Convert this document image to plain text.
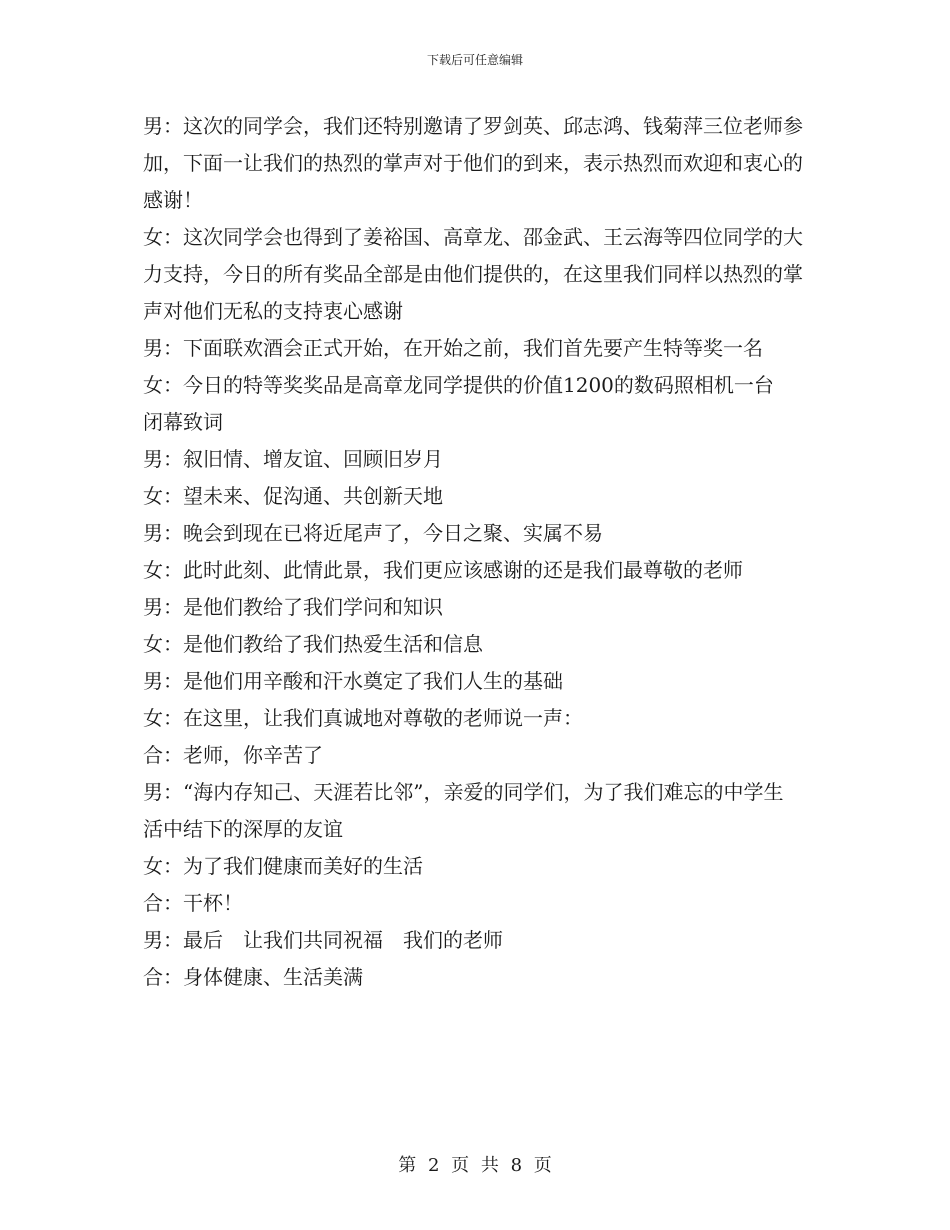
下载后可任意编辑

男：这次的同学会，我们还特别邀请了罗剑英、邱志鸿、钱菊萍三位老师参加，下面一让我们的热烈的掌声对于他们的到来，表示热烈而欢迎和衷心的感谢！

女：这次同学会也得到了姜裕国、高章龙、邵金武、王云海等四位同学的大力支持，今日的所有奖品全部是由他们提供的，在这里我们同样以热烈的掌声对他们无私的支持衷心感谢

男：下面联欢酒会正式开始，在开始之前，我们首先要产生特等奖一名

女：今日的特等奖奖品是高章龙同学提供的价值1200的数码照相机一台

闭幕致词

男：叙旧情、增友谊、回顾旧岁月

女：望未来、促沟通、共创新天地

男：晚会到现在已将近尾声了，今日之聚、实属不易

女：此时此刻、此情此景，我们更应该感谢的还是我们最尊敬的老师

男：是他们教给了我们学问和知识

女：是他们教给了我们热爱生活和信息

男：是他们用辛酸和汗水奠定了我们人生的基础

女：在这里，让我们真诚地对尊敬的老师说一声：

合：老师，你辛苦了

男：“海内存知己、天涯若比邻”，亲爱的同学们，为了我们难忘的中学生活中结下的深厚的友谊

女：为了我们健康而美好的生活

合：干杯！

男：最后　让我们共同祝福　我们的老师

合：身体健康、生活美满

第 2 页 共 8 页
